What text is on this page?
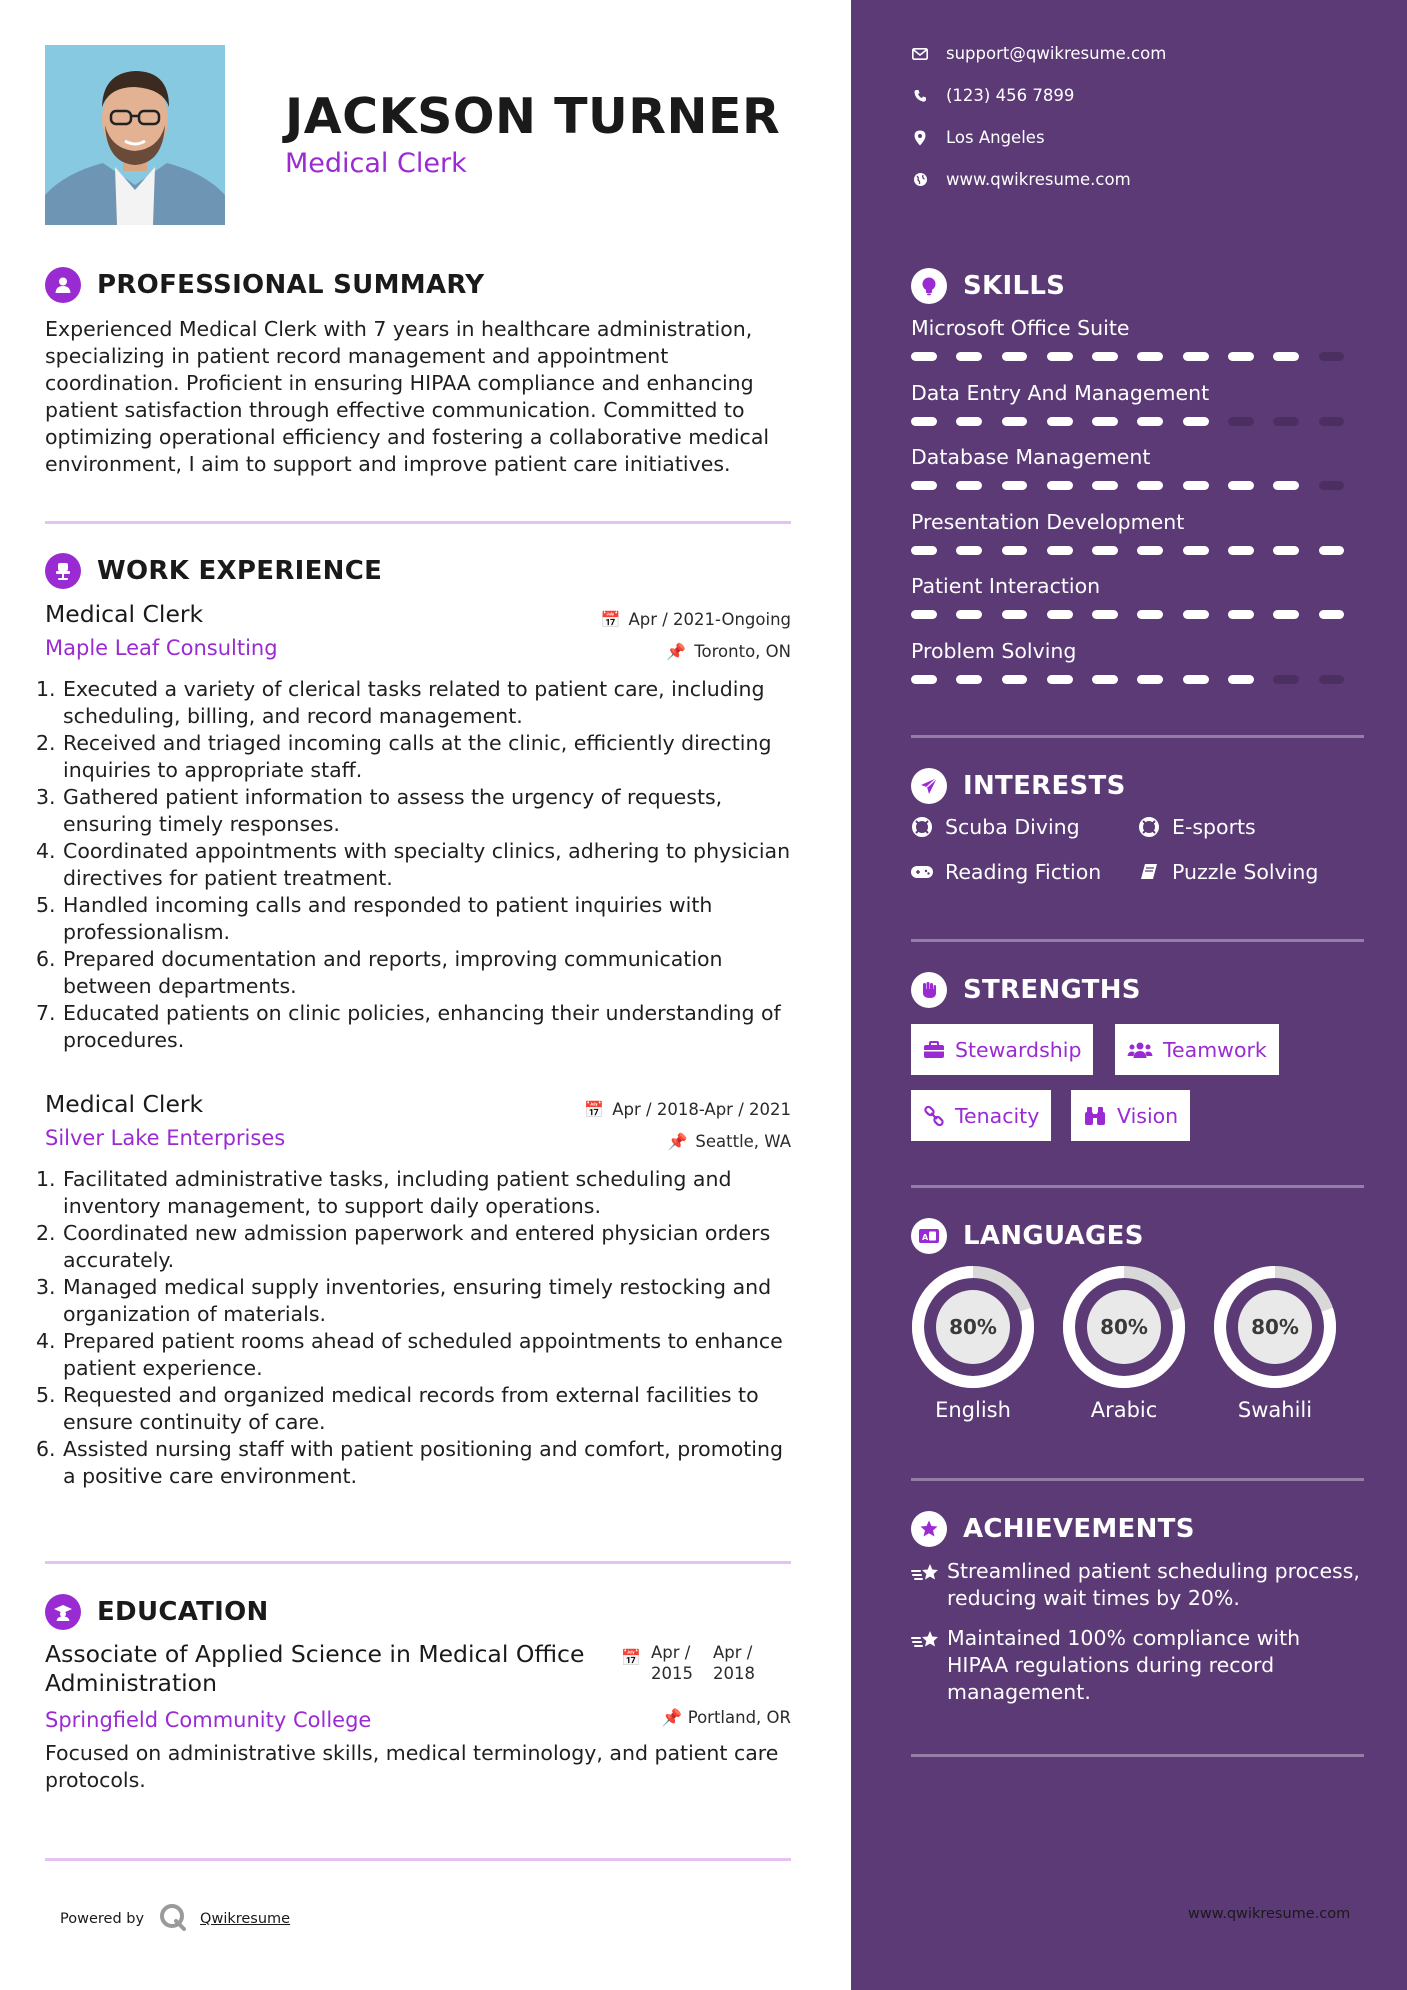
JACKSON TURNER
Medical Clerk
PROFESSIONAL SUMMARY
Experienced Medical Clerk with 7 years in healthcare administration, specializing in patient record management and appointment coordination. Proficient in ensuring HIPAA compliance and enhancing patient satisfaction through effective communication. Committed to optimizing operational efficiency and fostering a collaborative medical environment, I aim to support and improve patient care initiatives.
WORK EXPERIENCE
Medical Clerk	📅 Apr / 2021-Ongoing
Maple Leaf Consulting	📌 Toronto, ON
1. Executed a variety of clerical tasks related to patient care, including scheduling, billing, and record management.
2. Received and triaged incoming calls at the clinic, efficiently directing inquiries to appropriate staff.
3. Gathered patient information to assess the urgency of requests, ensuring timely responses.
4. Coordinated appointments with specialty clinics, adhering to physician directives for patient treatment.
5. Handled incoming calls and responded to patient inquiries with professionalism.
6. Prepared documentation and reports, improving communication between departments.
7. Educated patients on clinic policies, enhancing their understanding of procedures.
Medical Clerk	📅 Apr / 2018-Apr / 2021
Silver Lake Enterprises	📌 Seattle, WA
1. Facilitated administrative tasks, including patient scheduling and inventory management, to support daily operations.
2. Coordinated new admission paperwork and entered physician orders accurately.
3. Managed medical supply inventories, ensuring timely restocking and organization of materials.
4. Prepared patient rooms ahead of scheduled appointments to enhance patient experience.
5. Requested and organized medical records from external facilities to ensure continuity of care.
6. Assisted nursing staff with patient positioning and comfort, promoting a positive care environment.
EDUCATION
Associate of Applied Science in Medical Office Administration
📅 Apr / 2015
Apr / 2018
Springfield Community College	📌 Portland, OR
Focused on administrative skills, medical terminology, and patient care protocols.
Powered by	Qwikresume
support@qwikresume.com
(123) 456 7899
Los Angeles
www.qwikresume.com
SKILLS
Microsoft Office Suite
Data Entry And Management
Database Management
Presentation Development
Patient Interaction
Problem Solving
INTERESTS
Scuba Diving	E-sports
Reading Fiction	Puzzle Solving
STRENGTHS
Stewardship	Teamwork
Tenacity	Vision
A LANGUAGES
80%
English
80%
Arabic
80%
Swahili
ACHIEVEMENTS
Streamlined patient scheduling process, reducing wait times by 20%.
Maintained 100% compliance with HIPAA regulations during record management.
www.qwikresume.com
